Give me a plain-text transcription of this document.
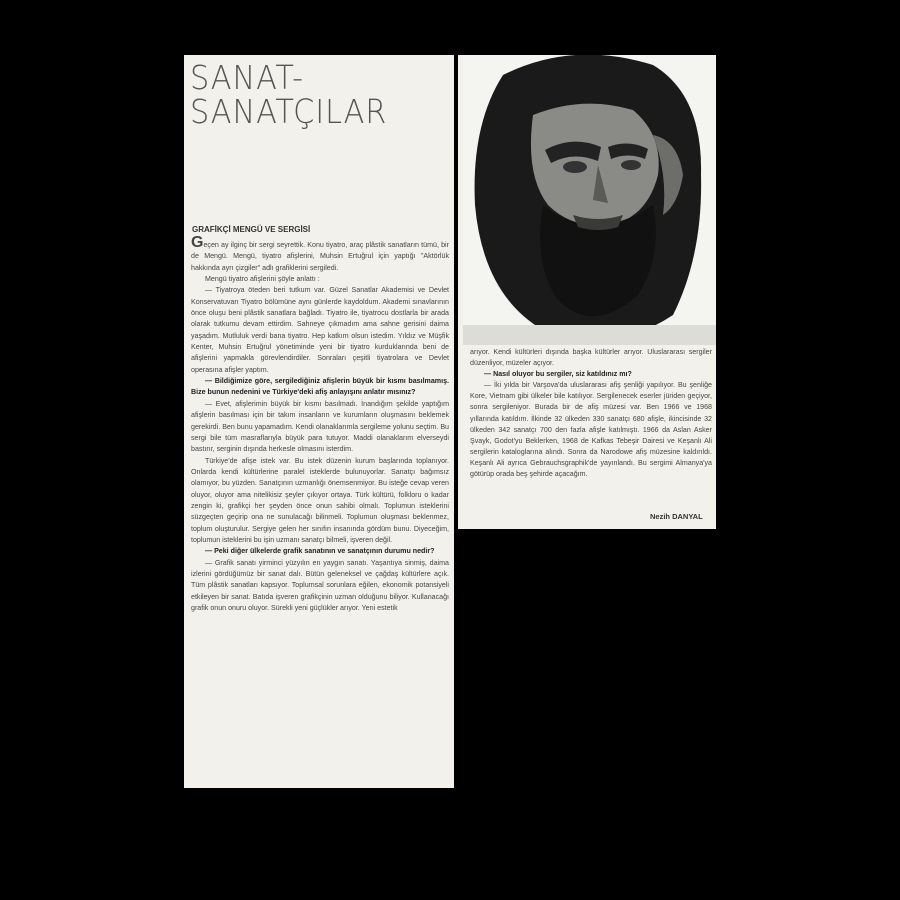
SANAT-
SANATÇILAR
GRAFİKÇİ MENGÜ VE SERGİSİ

Geçen ay ilginç bir sergi seyrettik. Konu tiyatro, araç plâstik sanatların tümü, bir de Mengü. Mengü, tiyatro afişlerini, Muhsin Ertuğrul için yaptığı "Aktörlük hakkında ayrı çizgiler" adlı grafiklerini sergiledi.

Mengü tiyatro afişlerini şöyle anlattı :

— Tiyatroya öteden beri tutkum var. Güzel Sanatlar Akademisi ve Devlet Konservatuvarı Tiyatro bölümüne aynı günlerde kaydoldum. Akademi sınavlarının önce oluşu beni plâstik sanatlara bağladı. Tiyatro ile, tiyatrocu dostlarla bir arada olarak tutkumu devam ettirdim. Sahneye çıkmadım ama sahne gerisini daima yaşadım. Mutluluk verdi bana tiyatro. Hep katkım olsun istedim. Yıldız ve Müşfik Kenter, Muhsin Ertuğrul yönetiminde yeni bir tiyatro kurduklarında beni de afişlerini yapmakla görevlendirdiler. Sonraları çeşitli tiyatrolara ve Devlet operasına afişler yaptım.

— Bildiğimize göre, sergilediğiniz afişlerin büyük bir kısmı basılmamış. Bize bunun nedenini ve Türkiye'deki afiş anlayışını anlatır mısınız?

— Evet, afişlerimin büyük bir kısmı basılmadı. İnandığım şekilde yaptığım afişlerin basılması için bir takım insanların ve kurumların oluşmasını beklemek gerekirdi. Ben bunu yapamadım. Kendi olanaklarımla sergileme yolunu seçtim. Bu sergi bile tüm masraflarıyla büyük para tutuyor. Maddi olanaklarım elverseydi bastırır, serginin dışında herkesle olmasını isterdim.

Türkiye'de afişe istek var. Bu istek düzenin kurum başlarında toplanıyor. Onlarda kendi kültürlerine paralel isteklerde bulunuyorlar. Sanatçı bağımsız olamıyor, bu yüzden. Sanatçının uzmanlığı önemsenmiyor. Bu isteğe cevap veren oluyor, oluyor ama nitelikisiz şeyler çıkıyor ortaya. Türk kültürü, folkloru o kadar zengin ki, grafikçi her şeyden önce onun sahibi olmalı. Toplumun isteklerini süzgeçten geçirip ona ne sunulacağı bilinmeli. Toplumun oluşması beklenmez, toplum oluşturulur. Sergiye gelen her sınıfın insanında gördüm bunu. Diyeceğim, toplumun isteklerini bu işin uzmanı sanatçı bilmeli, işveren değil.

— Peki diğer ülkelerde grafik sanatının ve sanatçının durumu nedir?

— Grafik sanatı yirminci yüzyılın en yaygın sanatı. Yaşantıya sinmiş, daima izlerini gördüğümüz bir sanat dalı. Bütün geleneksel ve çağdaş kültürlere açık. Tüm plâstik sanatları kapsıyor. Toplumsal sorunlara eğilen, ekonomik potansiyeli etkileyen bir sanat. Batıda işveren grafikçinin uzman olduğunu biliyor. Kullanacağı grafik onun onuru oluyor. Sürekli yeni güçlükler arıyor. Yeni estetik

arıyor. Kendi kültürleri dışında başka kültürler arıyor. Uluslararası sergiler düzenliyor, müzeler açıyor.

— Nasıl oluyor bu sergiler, siz katıldınız mı?

— İki yılda bir Varşova'da uluslararası afiş şenliği yapılıyor. Bu şenliğe Kore, Vietnam gibi ülkeler bile katılıyor. Sergilenecek eserler jüriden geçiyor, sonra sergileniyor. Burada bir de afiş müzesi var. Ben 1966 ve 1968 yıllarında katıldım. İlkinde 32 ülkeden 330 sanatçı 680 afişle, ikincisinde 32 ülkeden 342 sanatçı 700 den fazla afişle katılmıştı. 1966 da Aslan Asker Şvayk, Godot'yu Beklerken, 1968 de Kafkas Tebeşir Dairesi ve Keşanlı Ali sergilerin kataloglarına alındı. Sonra da Narodowe afiş müzesine kaldırıldı. Keşanlı Ali ayrıca Gebrauchsgraphik'de yayınlandı. Bu sergimi Almanya'ya götürüp orada beş şehirde açacağım.

Nezih DANYAL
